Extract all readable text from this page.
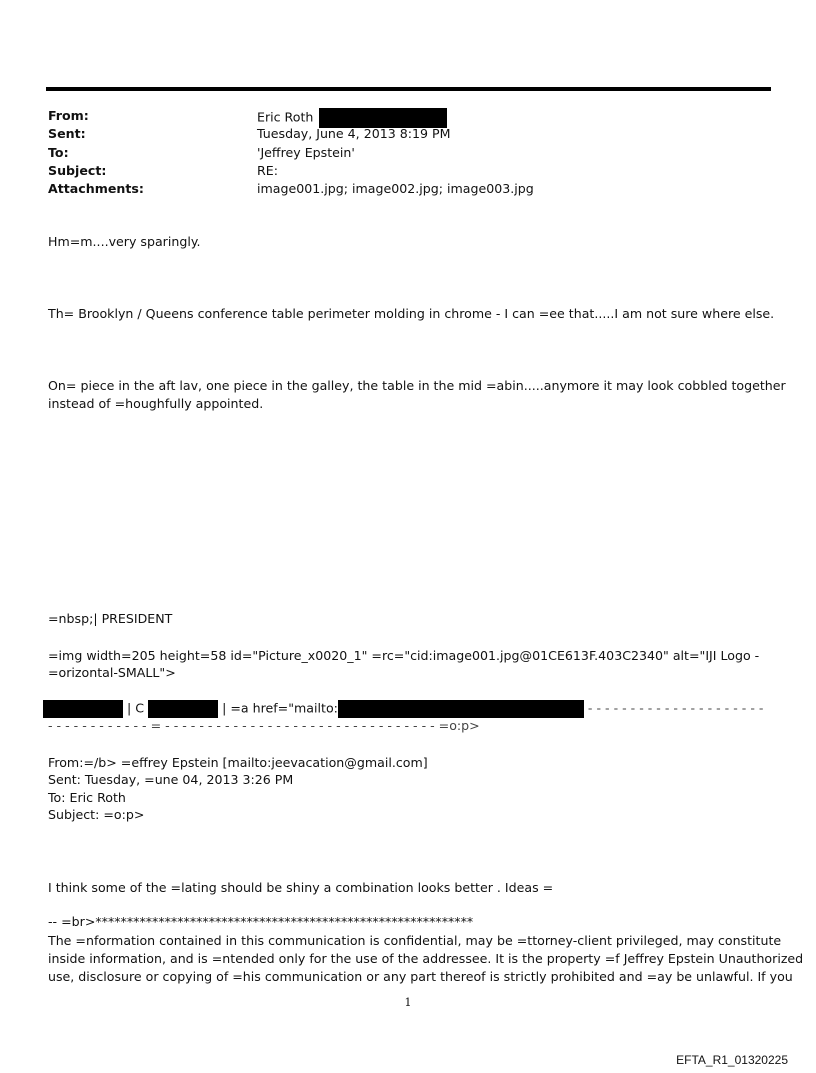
From:	Eric Roth
Sent:	Tuesday, June 4, 2013 8:19 PM
To:	'Jeffrey Epstein'
Subject:	RE:
Attachments:	image001.jpg; image002.jpg; image003.jpg
Hm=m....very sparingly.
Th= Brooklyn / Queens conference table perimeter molding in chrome - I can =ee that.....I am not sure where else.
On= piece in the aft lav, one piece in the galley, the table in the mid =abin.....anymore it may look cobbled together
instead of =houghfully appointed.
=nbsp;| PRESIDENT
=img width=205 height=58 id="Picture_x0020_1" =rc="cid:image001.jpg@01CE613F.403C2340" alt="IJI Logo -
=orizontal-SMALL">
| C	| =a href="mailto:	- - - - - - - - - - - - - - - - - - - - -
- - - - - - - - - - - - = - - - - - - - - - - - - - - - - - - - - - - - - - - - - - - - - =o:p>
From:=/b> =effrey Epstein [mailto:jeevacation@gmail.com]
Sent: Tuesday, =une 04, 2013 3:26 PM
To: Eric Roth
Subject: =o:p>
I think some of the =lating should be shiny a combination looks better . Ideas =
-- =br>************************************************************
The =nformation contained in this communication is confidential, may be =ttorney-client privileged, may constitute
inside information, and is =ntended only for the use of the addressee. It is the property =f Jeffrey Epstein Unauthorized
use, disclosure or copying of =his communication or any part thereof is strictly prohibited and =ay be unlawful. If you
1
EFTA_R1_01320225
